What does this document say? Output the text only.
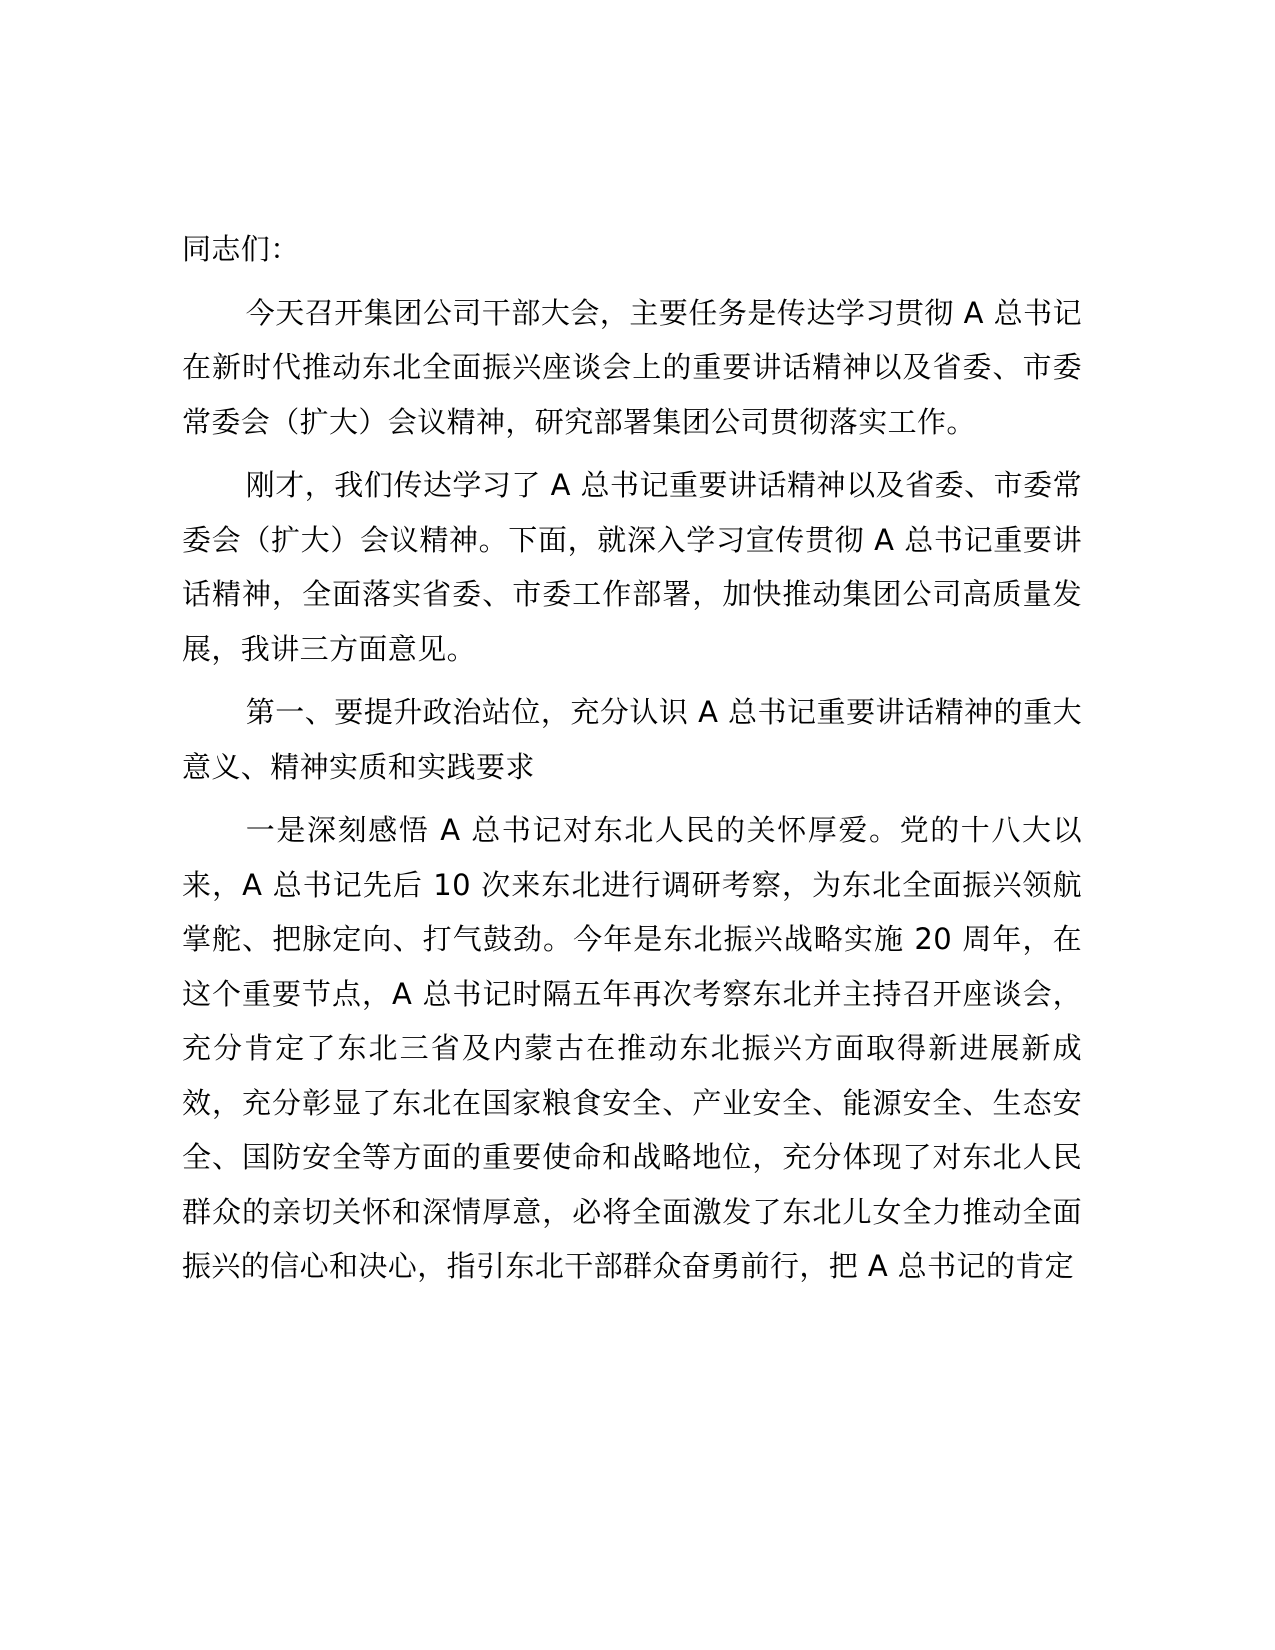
同志们：

今天召开集团公司干部大会，主要任务是传达学习贯彻 A 总书记在新时代推动东北全面振兴座谈会上的重要讲话精神以及省委、市委常委会（扩大）会议精神，研究部署集团公司贯彻落实工作。

刚才，我们传达学习了 A 总书记重要讲话精神以及省委、市委常委会（扩大）会议精神。下面，就深入学习宣传贯彻 A 总书记重要讲话精神，全面落实省委、市委工作部署，加快推动集团公司高质量发展，我讲三方面意见。

第一、要提升政治站位，充分认识 A 总书记重要讲话精神的重大意义、精神实质和实践要求

一是深刻感悟 A 总书记对东北人民的关怀厚爱。党的十八大以来，A 总书记先后 10 次来东北进行调研考察，为东北全面振兴领航掌舵、把脉定向、打气鼓劲。今年是东北振兴战略实施 20 周年，在这个重要节点，A 总书记时隔五年再次考察东北并主持召开座谈会，充分肯定了东北三省及内蒙古在推动东北振兴方面取得新进展新成效，充分彰显了东北在国家粮食安全、产业安全、能源安全、生态安全、国防安全等方面的重要使命和战略地位，充分体现了对东北人民群众的亲切关怀和深情厚意，必将全面激发了东北儿女全力推动全面振兴的信心和决心，指引东北干部群众奋勇前行，把 A 总书记的肯定
